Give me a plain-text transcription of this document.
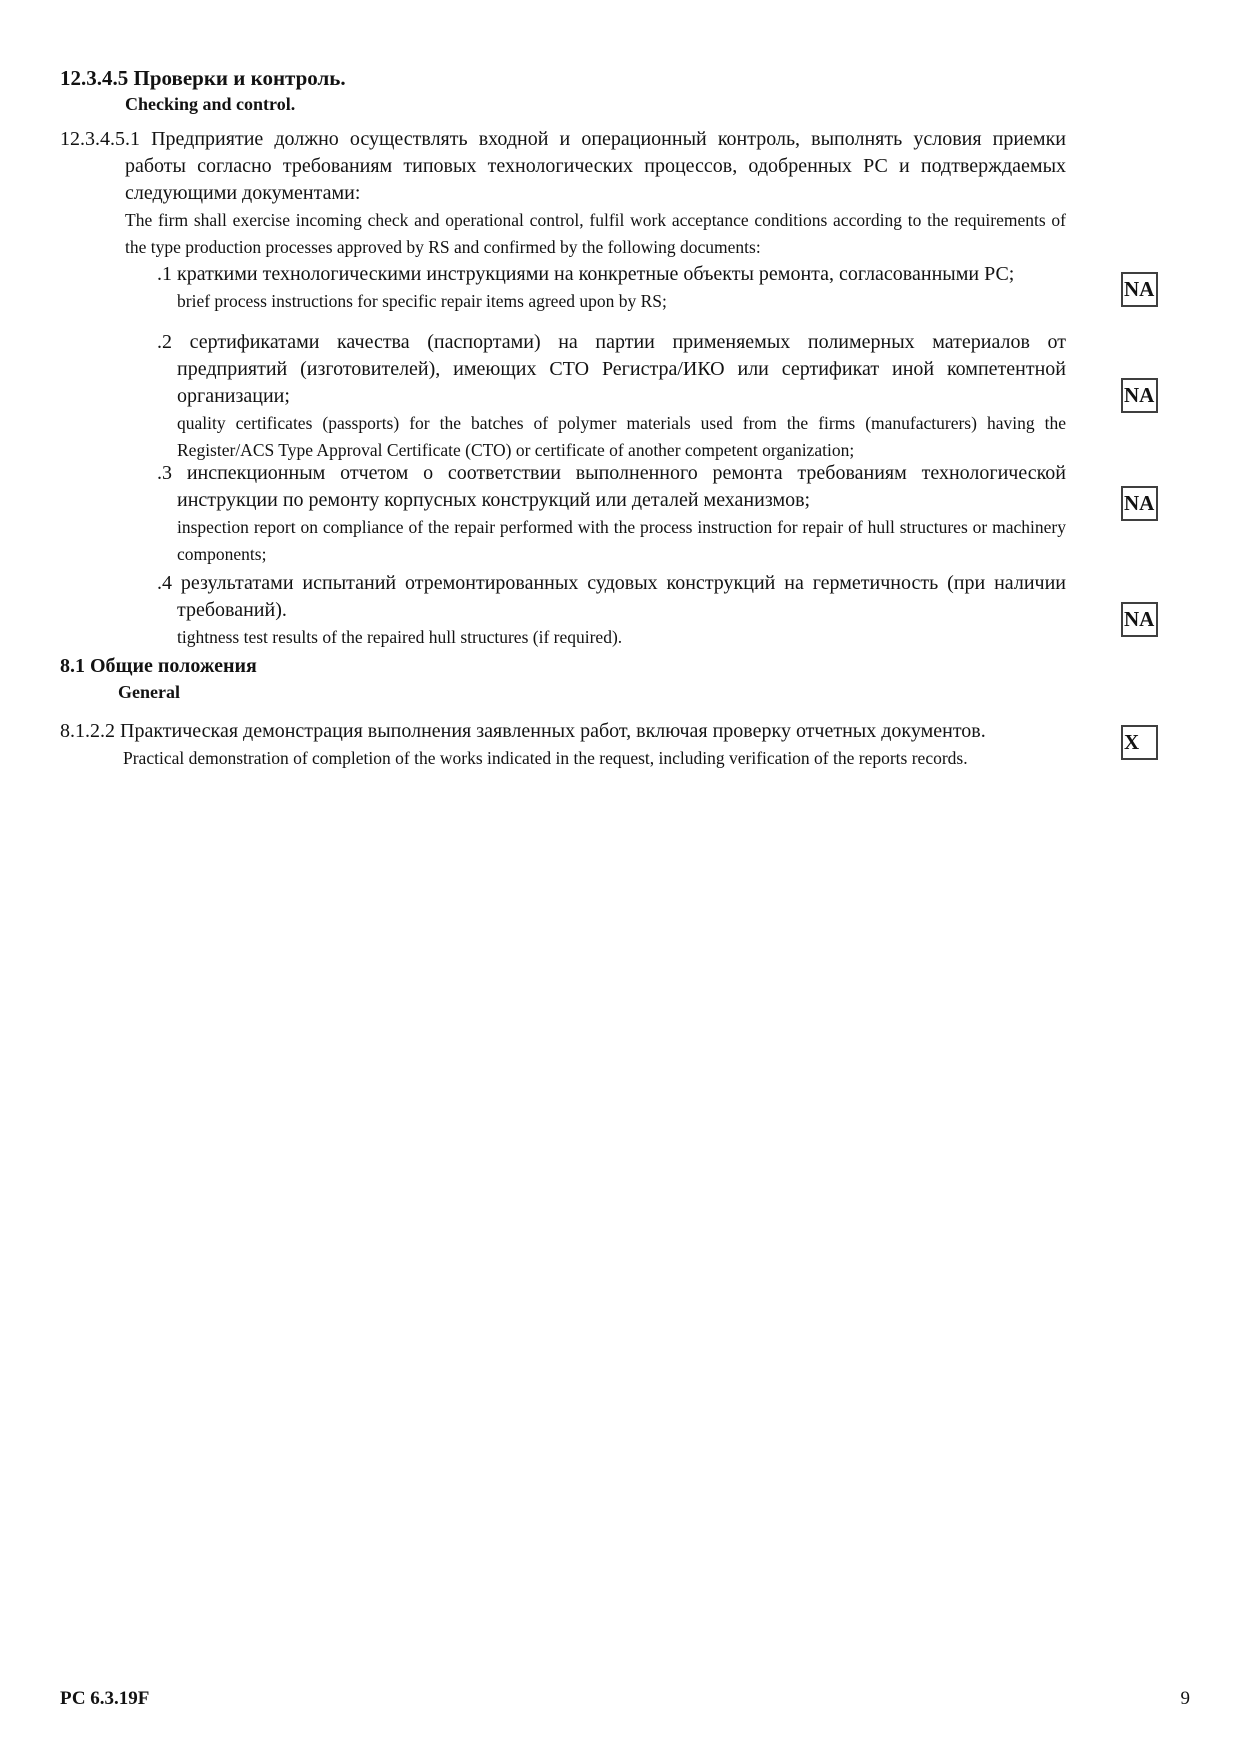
12.3.4.5 Проверки и контроль.

Checking and control.

12.3.4.5.1 Предприятие должно осуществлять входной и операционный контроль, выполнять условия приемки работы согласно требованиям типовых технологических процессов, одобренных РС и подтверждаемых следующими документами:

The firm shall exercise incoming check and operational control, fulfil work acceptance conditions according to the requirements of the type production processes approved by RS and confirmed by the following documents:

.1 краткими технологическими инструкциями на конкретные объекты ремонта, согласованными РС;

brief process instructions for specific repair items agreed upon by RS;

.2 сертификатами качества (паспортами) на партии применяемых полимерных материалов от предприятий (изготовителей), имеющих СТО Регистра/ИКО или сертификат иной компетентной организации;

quality certificates (passports) for the batches of polymer materials used from the firms (manufacturers) having the Register/ACS Type Approval Certificate (CTO) or certificate of another competent organization;

.3 инспекционным отчетом о соответствии выполненного ремонта требованиям технологической инструкции по ремонту корпусных конструкций или деталей механизмов;

inspection report on compliance of the repair performed with the process instruction for repair of hull structures or machinery components;

.4 результатами испытаний отремонтированных судовых конструкций на герметичность (при наличии требований).

tightness test results of the repaired hull structures (if required).

8.1 Общие положения

General

8.1.2.2 Практическая демонстрация выполнения заявленных работ, включая проверку отчетных документов.

Practical demonstration of completion of the works indicated in the request, including verification of the reports records.

NA
NA
NA
NA
X
РС 6.3.19F	9
